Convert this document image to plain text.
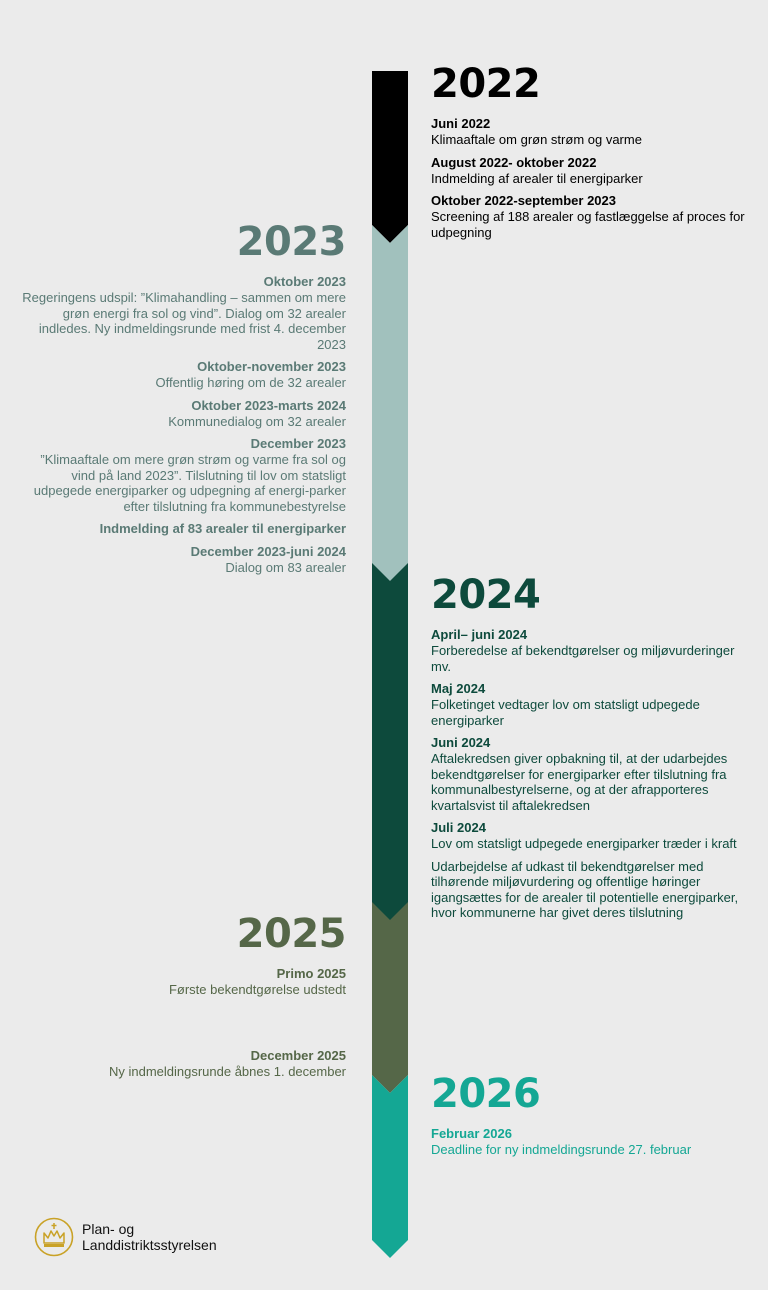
2022
Juni 2022
Klimaaftale om grøn strøm og varme
August 2022- oktober 2022
Indmelding af arealer til energiparker
Oktober 2022-september 2023
Screening af 188 arealer og fastlæggelse af proces for udpegning
2023
Oktober 2023
Regeringens udspil: ”Klimahandling – sammen om mere grøn energi fra sol og vind”. Dialog om 32 arealer indledes. Ny indmeldingsrunde med frist 4. december 2023
Oktober-november 2023
Offentlig høring om de 32 arealer
Oktober 2023-marts 2024
Kommunedialog om 32 arealer
December 2023
”Klimaaftale om mere grøn strøm og varme fra sol og vind på land 2023”. Tilslutning til lov om statsligt udpegede energiparker og udpegning af energi-parker efter tilslutning fra kommunebestyrelse
Indmelding af 83 arealer til energiparker
December 2023-juni 2024
Dialog om 83 arealer
2024
April– juni 2024
Forberedelse af bekendtgørelser og miljøvurderinger mv.
Maj 2024
Folketinget vedtager lov om statsligt udpegede energiparker
Juni 2024
Aftalekredsen giver opbakning til, at der udarbejdes bekendtgørelser for energiparker efter tilslutning fra kommunalbestyrelserne, og at der afrapporteres kvartalsvist til aftalekredsen
Juli 2024
Lov om statsligt udpegede energiparker træder i kraft
Udarbejdelse af udkast til bekendtgørelser med tilhørende miljøvurdering og offentlige høringer igangsættes for de arealer til potentielle energiparker, hvor kommunerne har givet deres tilslutning
2025
Primo 2025
Første bekendtgørelse udstedt
December 2025
Ny indmeldingsrunde åbnes 1. december 2026
Februar 2026
Deadline for ny indmeldingsrunde 27. februar
Plan- og
Landdistriktsstyrelsen
